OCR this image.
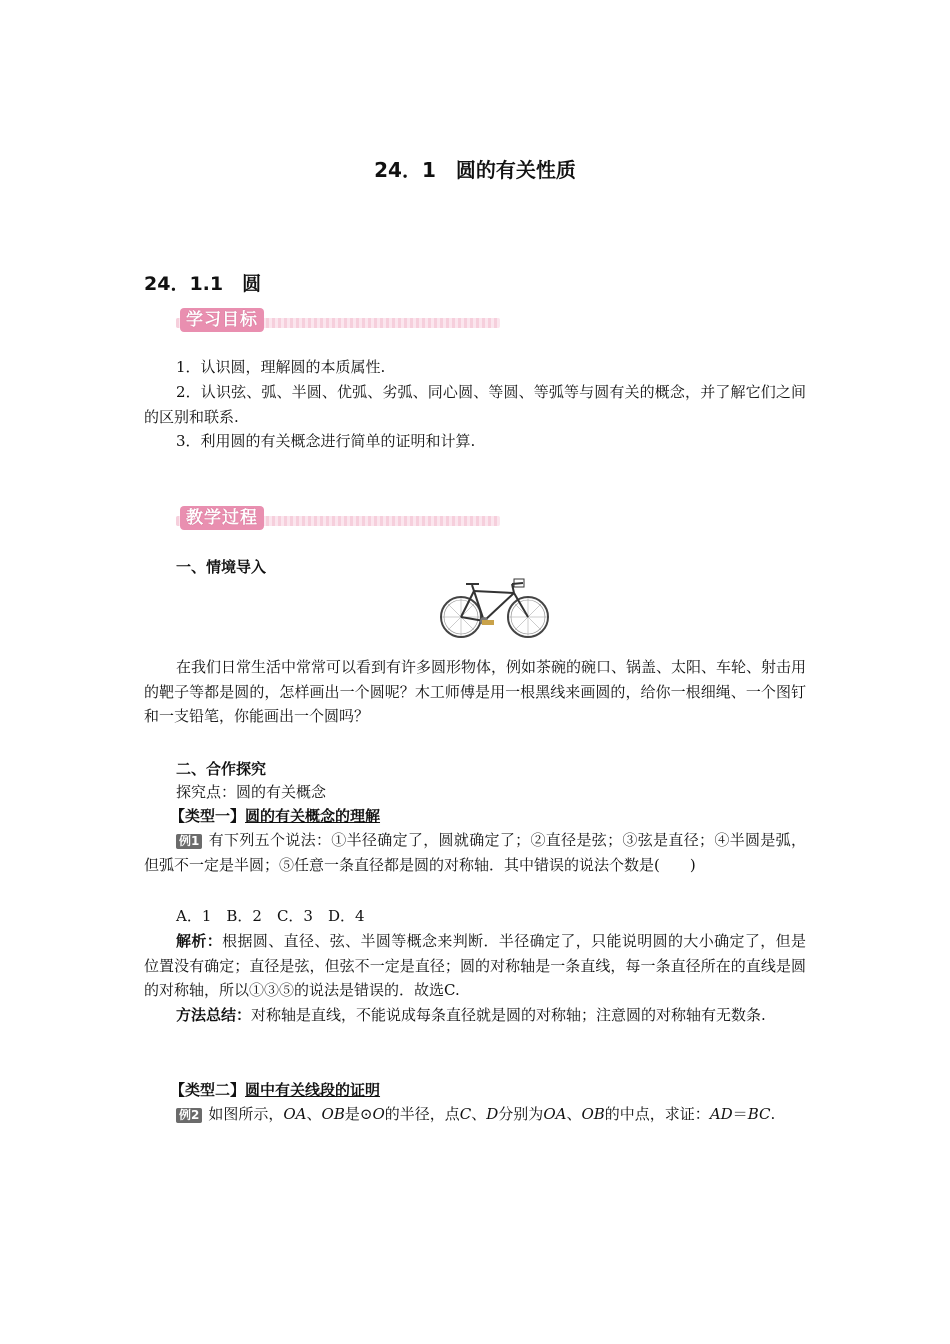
24．1　圆的有关性质
24．1.1　圆
学习目标
1．认识圆，理解圆的本质属性.
2．认识弦、弧、半圆、优弧、劣弧、同心圆、等圆、等弧等与圆有关的概念，并了解它们之间的区别和联系.
3．利用圆的有关概念进行简单的证明和计算.
教学过程
一、情境导入
在我们日常生活中常常可以看到有许多圆形物体，例如茶碗的碗口、锅盖、太阳、车轮、射击用的靶子等都是圆的，怎样画出一个圆呢？木工师傅是用一根黑线来画圆的，给你一根细绳、一个图钉和一支铅笔，你能画出一个圆吗？
二、合作探究
探究点：圆的有关概念
【类型一】圆的有关概念的理解
例1 有下列五个说法：①半径确定了，圆就确定了；②直径是弦；③弦是直径；④半圆是弧，但弧不一定是半圆；⑤任意一条直径都是圆的对称轴．其中错误的说法个数是(　　)
A．1　B．2　C．3　D．4
解析：根据圆、直径、弦、半圆等概念来判断．半径确定了，只能说明圆的大小确定了，但是位置没有确定；直径是弦，但弦不一定是直径；圆的对称轴是一条直线，每一条直径所在的直线是圆的对称轴，所以①③⑤的说法是错误的．故选C.
方法总结：对称轴是直线，不能说成每条直径就是圆的对称轴；注意圆的对称轴有无数条.
【类型二】圆中有关线段的证明
例2 如图所示，OA、OB是⊙O的半径，点C、D分别为OA、OB的中点，求证：AD＝BC.
